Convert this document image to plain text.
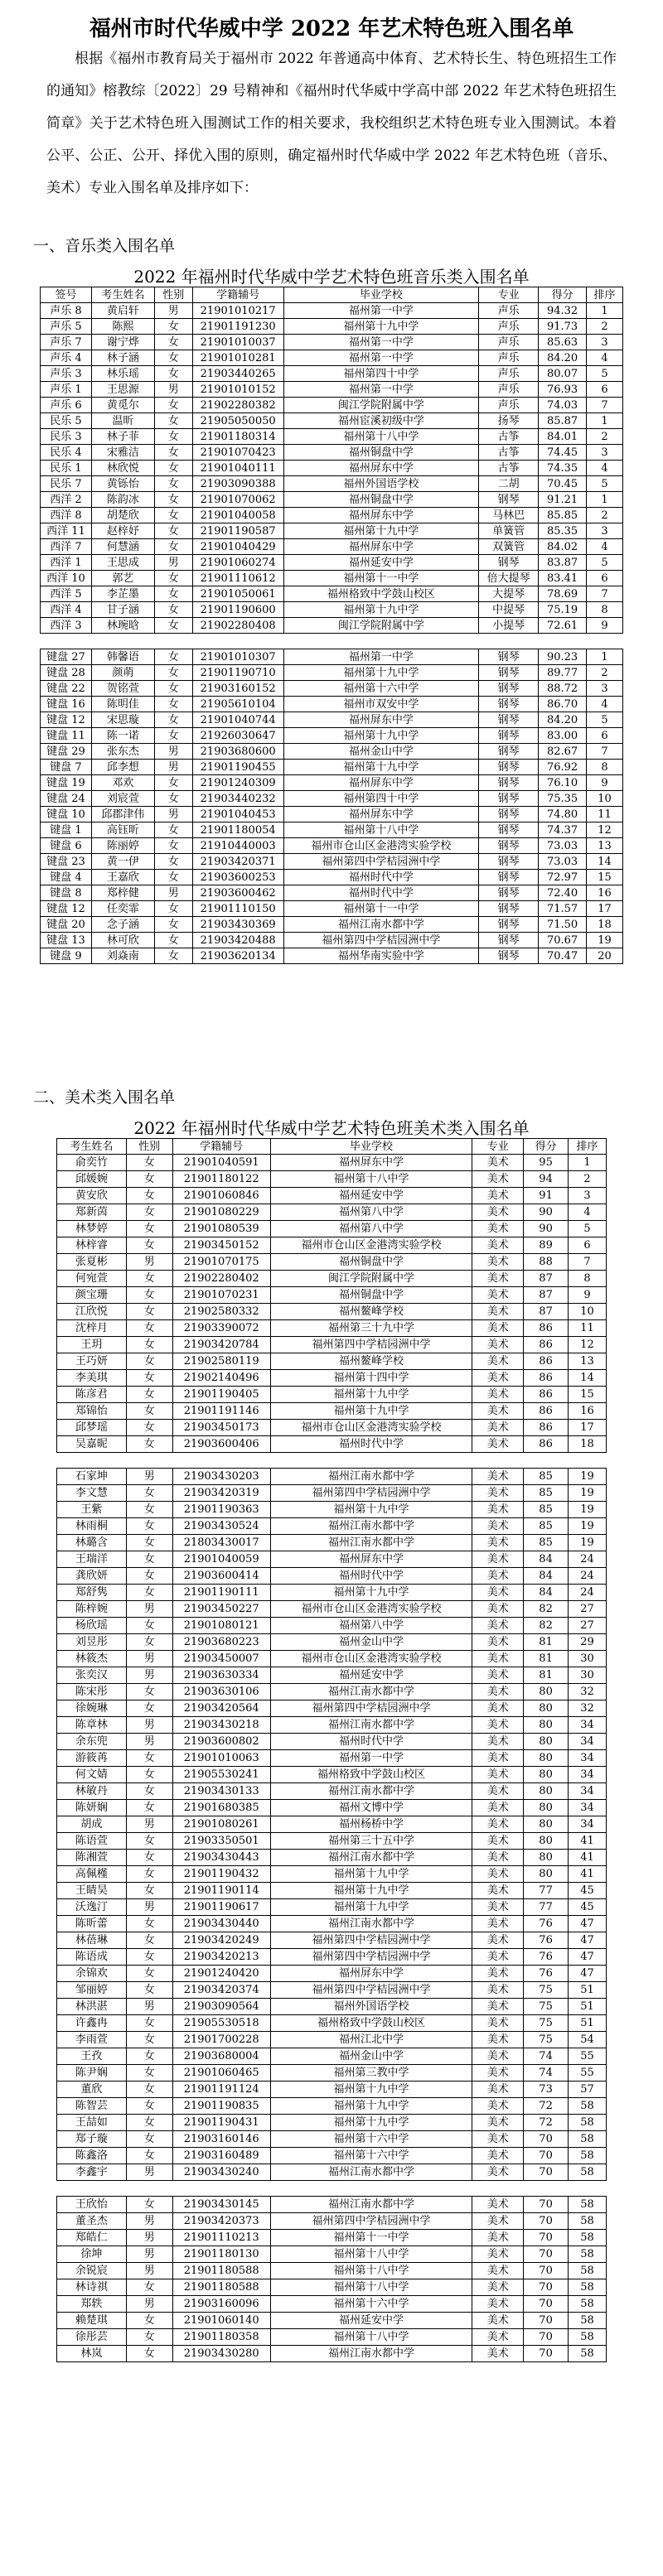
福州市时代华威中学 2022 年艺术特色班入围名单
根据《福州市教育局关于福州市 2022 年普通高中体育、艺术特长生、特色班招生工作的通知》榕教综〔2022〕29 号精神和《福州时代华威中学高中部 2022 年艺术特色班招生简章》关于艺术特色班入围测试工作的相关要求，我校组织艺术特色班专业入围测试。本着公平、公正、公开、择优入围的原则，确定福州时代华威中学 2022 年艺术特色班（音乐、美术）专业入围名单及排序如下：
一、音乐类入围名单
2022 年福州时代华威中学艺术特色班音乐类入围名单
签号	考生姓名	性别	学籍辅号	毕业学校	专业	得分	排序
声乐 8	黄启轩	男	21901010217	福州第一中学	声乐	94.32	1
声乐 5	陈熙	女	21901191230	福州第十九中学	声乐	91.73	2
声乐 7	谢宁烨	女	21901010037	福州第一中学	声乐	85.63	3
声乐 4	林子涵	女	21901010281	福州第一中学	声乐	84.20	4
声乐 3	林乐瑶	女	21903440265	福州第四十中学	声乐	80.07	5
声乐 1	王思源	男	21901010152	福州第一中学	声乐	76.93	6
声乐 6	黄觅尔	女	21902280382	闽江学院附属中学	声乐	74.03	7
民乐 5	温昕	女	21905050050	福州宦溪初级中学	扬琴	85.87	1
民乐 3	林子菲	女	21901180314	福州第十八中学	古筝	84.01	2
民乐 4	宋雅洁	女	21901070423	福州铜盘中学	古筝	74.45	3
民乐 1	林欣悦	女	21901040111	福州屏东中学	古筝	74.35	4
民乐 7	黄铄怡	女	21903090388	福州外国语学校	二胡	70.45	5
西洋 2	陈韵冰	女	21901070062	福州铜盘中学	钢琴	91.21	1
西洋 8	胡楚欣	女	21901040058	福州屏东中学	马林巴	85.85	2
西洋 11	赵梓妤	女	21901190587	福州第十九中学	单簧管	85.35	3
西洋 7	何慧涵	女	21901040429	福州屏东中学	双簧管	84.02	4
西洋 1	王思成	男	21901060274	福州延安中学	钢琴	83.87	5
西洋 10	郭艺	女	21901110612	福州第十一中学	倍大提琴	83.41	6
西洋 5	李芷墨	女	21901050061	福州格致中学鼓山校区	大提琴	78.69	7
西洋 4	甘子涵	女	21901190600	福州第十九中学	中提琴	75.19	8
西洋 3	林琬晗	女	21902280408	闽江学院附属中学	小提琴	72.61	9

键盘 27	韩馨语	女	21901010307	福州第一中学	钢琴	90.23	1
键盘 28	颜萌	女	21901190710	福州第十九中学	钢琴	89.77	2
键盘 22	贺铭萱	女	21903160152	福州第十六中学	钢琴	88.72	3
键盘 16	陈明佳	女	21905610104	福州市双安中学	钢琴	86.70	4
键盘 12	宋思璇	女	21901040744	福州屏东中学	钢琴	84.20	5
键盘 11	陈一诺	女	21926030647	福州第十九中学	钢琴	83.00	6
键盘 29	张东杰	男	21903680600	福州金山中学	钢琴	82.67	7
键盘 7	邱李想	男	21901190455	福州第十九中学	钢琴	76.92	8
键盘 19	邓欢	女	21901240309	福州屏东中学	钢琴	76.10	9
键盘 24	刘宸萱	女	21903440232	福州第四十中学	钢琴	75.35	10
键盘 10	邱郡津伟	男	21901040453	福州屏东中学	钢琴	74.80	11
键盘 1	高钰昕	女	21901180054	福州第十八中学	钢琴	74.37	12
键盘 6	陈丽婷	女	21910440003	福州市仓山区金港湾实验学校	钢琴	73.03	13
键盘 23	黄一伊	女	21903420371	福州第四中学桔园洲中学	钢琴	73.03	14
键盘 4	王嘉欣	女	21903600253	福州时代中学	钢琴	72.97	15
键盘 8	郑梓健	男	21903600462	福州时代中学	钢琴	72.40	16
键盘 12	任奕霏	女	21901110150	福州第十一中学	钢琴	71.57	17
键盘 20	念子涵	女	21903430369	福州江南水都中学	钢琴	71.50	18
键盘 13	林可欣	女	21903420488	福州第四中学桔园洲中学	钢琴	70.67	19
键盘 9	刘焱南	女	21903620134	福州华南实验中学	钢琴	70.47	20
二、美术类入围名单
2022 年福州时代华威中学艺术特色班美术类入围名单
考生姓名	性别	学籍辅号	毕业学校	专业	得分	排序
俞奕竹	女	21901040591	福州屏东中学	美术	95	1
邱媛婉	女	21901180122	福州第十八中学	美术	94	2
黄安欣	女	21901060846	福州延安中学	美术	91	3
郑新茵	女	21901080229	福州第八中学	美术	90	4
林梦婷	女	21901080539	福州第八中学	美术	90	5
林梓睿	女	21903450152	福州市仓山区金港湾实验学校	美术	89	6
张夏彬	男	21901070175	福州铜盘中学	美术	88	7
何宛萱	女	21902280402	闽江学院附属中学	美术	87	8
颜宝珊	女	21901070231	福州铜盘中学	美术	87	9
江欣悦	女	21902580332	福州鳌峰学校	美术	87	10
沈梓月	女	21903390072	福州第三十九中学	美术	86	11
王玥	女	21903420784	福州第四中学桔园洲中学	美术	86	12
王巧妍	女	21902580119	福州鳌峰学校	美术	86	13
李美琪	女	21902140496	福州第十四中学	美术	86	14
陈彦君	女	21901190405	福州第十九中学	美术	86	15
郑锦怡	女	21901191146	福州第十九中学	美术	86	16
邱梦瑶	女	21903450173	福州市仓山区金港湾实验学校	美术	86	17
吴嘉昵	女	21903600406	福州时代中学	美术	86	18

石家坤	男	21903430203	福州江南水都中学	美术	85	19
李文慧	女	21903420319	福州第四中学桔园洲中学	美术	85	19
王紫	女	21901190363	福州第十九中学	美术	85	19
林雨桐	女	21903430524	福州江南水都中学	美术	85	19
林璐含	女	21803430017	福州江南水都中学	美术	85	19
王瑞洋	女	21901040059	福州屏东中学	美术	84	24
龚欣妍	女	21903600414	福州时代中学	美术	84	24
郑舒隽	女	21901190111	福州第十九中学	美术	84	24
陈梓婉	男	21903450227	福州市仓山区金港湾实验学校	美术	82	27
杨欣瑶	女	21901080121	福州第八中学	美术	82	27
刘昱彤	女	21903680223	福州金山中学	美术	81	29
林筱杰	男	21903450007	福州市仓山区金港湾实验学校	美术	81	30
张奕汉	男	21903630334	福州延安中学	美术	81	30
陈宋彤	女	21903630106	福州江南水都中学	美术	80	32
徐婉琳	女	21903420564	福州第四中学桔园洲中学	美术	80	32
陈章林	男	21903430218	福州江南水都中学	美术	80	34
余东兜	男	21903600802	福州时代中学	美术	80	34
游筱苒	女	21901010063	福州第一中学	美术	80	34
何文婧	女	21905530241	福州格致中学鼓山校区	美术	80	34
林敏丹	女	21903430133	福州江南水都中学	美术	80	34
陈妍娴	女	21901680385	福州文博中学	美术	80	34
胡成	男	21901080261	福州杨桥中学	美术	80	34
陈语萱	女	21903350501	福州第三十五中学	美术	80	41
陈湘萱	女	21903430443	福州江南水都中学	美术	80	41
高佩槿	女	21901190432	福州第十九中学	美术	80	41
王睛昊	女	21901190114	福州第十九中学	美术	77	45
沃逸汀	男	21901190617	福州第十九中学	美术	77	45
陈昕蕾	女	21903430440	福州江南水都中学	美术	76	47
林蓓琳	女	21903420249	福州第四中学桔园洲中学	美术	76	47
陈语成	女	21903420213	福州第四中学桔园洲中学	美术	76	47
余锦欢	女	21901240420	福州屏东中学	美术	76	47
邹丽婷	女	21903420374	福州第四中学桔园洲中学	美术	75	51
林洪湛	男	21903090564	福州外国语学校	美术	75	51
许鑫冉	女	21905530518	福州格致中学鼓山校区	美术	75	51
李雨萱	女	21901700228	福州江北中学	美术	75	54
王孜	女	21903680004	福州金山中学	美术	74	55
陈尹娴	女	21901060465	福州第三教中学	美术	74	55
董欣	女	21901191124	福州第十九中学	美术	73	57
陈智芸	女	21901190835	福州第十九中学	美术	72	58
王喆如	女	21901190431	福州第十九中学	美术	72	58
郑子璇	女	21903160146	福州第十六中学	美术	70	58
陈鑫洛	女	21903160489	福州第十六中学	美术	70	58
李鑫宇	男	21903430240	福州江南水都中学	美术	70	58

王欣怡	女	21903430145	福州江南水都中学	美术	70	58
董圣杰	男	21903420373	福州第四中学桔园洲中学	美术	70	58
郑皓仁	男	21901110213	福州第十一中学	美术	70	58
徐坤	男	21901180130	福州第十八中学	美术	70	58
余锐宸	男	21901180588	福州第十八中学	美术	70	58
林诗祺	女	21901180588	福州第十八中学	美术	70	58
郑轶	男	21903160096	福州第十六中学	美术	70	58
赖楚琪	女	21901060140	福州延安中学	美术	70	58
徐彤芸	女	21901180358	福州第十八中学	美术	70	58
林岚	女	21903430280	福州江南水都中学	美术	70	58
